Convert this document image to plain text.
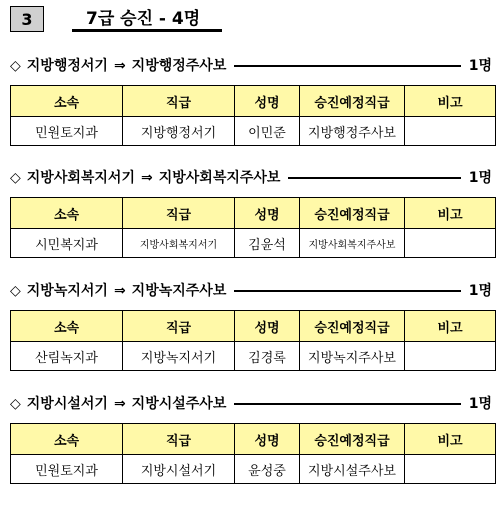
3	7급 승진 - 4명
◇ 지방행정서기 ⇒ 지방행정주사보	1명
소속	직급	성명	승진예정직급	비고
민원토지과	지방행정서기	이민준	지방행정주사보	
◇ 지방사회복지서기 ⇒ 지방사회복지주사보	1명
소속	직급	성명	승진예정직급	비고
시민복지과	지방사회복지서기	김윤석	지방사회복지주사보	
◇ 지방녹지서기 ⇒ 지방녹지주사보	1명
소속	직급	성명	승진예정직급	비고
산림녹지과	지방녹지서기	김경록	지방녹지주사보	
◇ 지방시설서기 ⇒ 지방시설주사보	1명
소속	직급	성명	승진예정직급	비고
민원토지과	지방시설서기	윤성중	지방시설주사보	
